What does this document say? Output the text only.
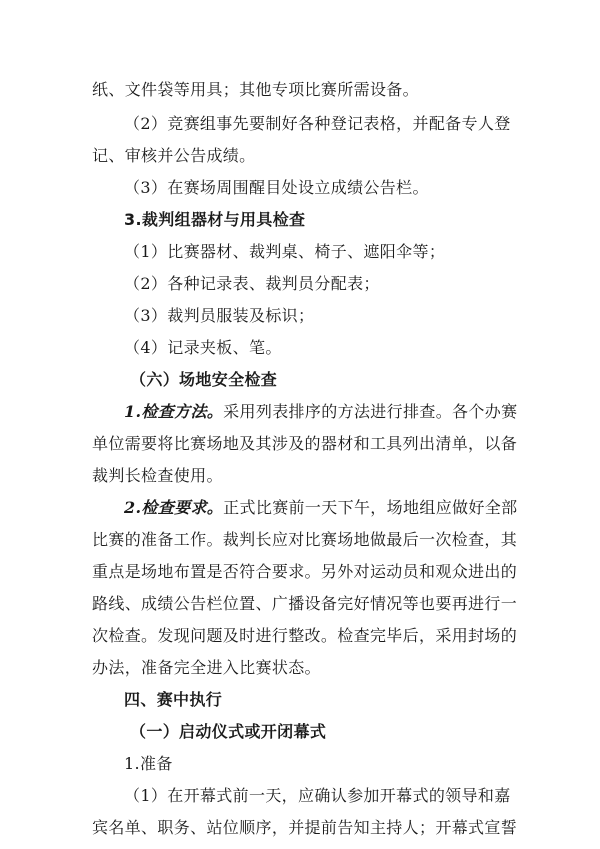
纸、文件袋等用具；其他专项比赛所需设备。
（2）竞赛组事先要制好各种登记表格，并配备专人登
记、审核并公告成绩。
（3）在赛场周围醒目处设立成绩公告栏。
3.裁判组器材与用具检查
（1）比赛器材、裁判桌、椅子、遮阳伞等；
（2）各种记录表、裁判员分配表；
（3）裁判员服装及标识；
（4）记录夹板、笔。
（六）场地安全检查
1.检查方法。采用列表排序的方法进行排查。各个办赛
单位需要将比赛场地及其涉及的器材和工具列出清单，以备
裁判长检查使用。
2.检查要求。正式比赛前一天下午，场地组应做好全部
比赛的准备工作。裁判长应对比赛场地做最后一次检查，其
重点是场地布置是否符合要求。另外对运动员和观众进出的
路线、成绩公告栏位置、广播设备完好情况等也要再进行一
次检查。发现问题及时进行整改。检查完毕后，采用封场的
办法，准备完全进入比赛状态。
四、赛中执行
（一）启动仪式或开闭幕式
1.准备
（1）在开幕式前一天，应确认参加开幕式的领导和嘉
宾名单、职务、站位顺序，并提前告知主持人；开幕式宣誓
